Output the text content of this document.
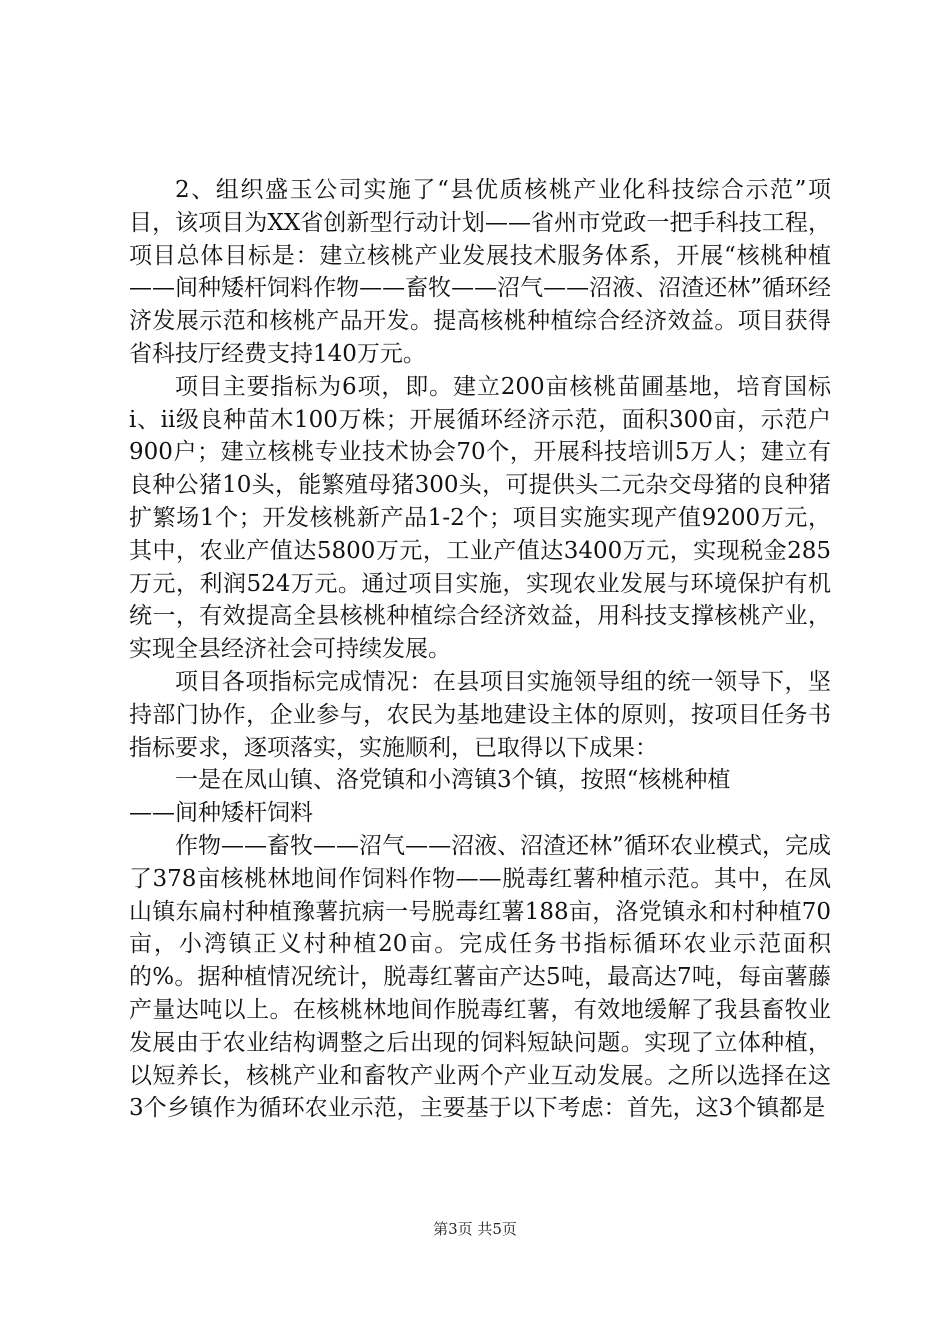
2、组织盛玉公司实施了“县优质核桃产业化科技综合示范”项目，该项目为XX省创新型行动计划——省州市党政一把手科技工程，项目总体目标是：建立核桃产业发展技术服务体系，开展“核桃种植——间种矮杆饲料作物——畜牧——沼气——沼液、沼渣还林”循环经济发展示范和核桃产品开发。提高核桃种植综合经济效益。项目获得省科技厅经费支持140万元。

项目主要指标为6项，即。建立200亩核桃苗圃基地，培育国标ⅰ、ⅱ级良种苗木100万株；开展循环经济示范，面积300亩，示范户900户；建立核桃专业技术协会70个，开展科技培训5万人；建立有良种公猪10头，能繁殖母猪300头，可提供头二元杂交母猪的良种猪扩繁场1个；开发核桃新产品1-2个；项目实施实现产值9200万元，其中，农业产值达5800万元，工业产值达3400万元，实现税金285万元，利润524万元。通过项目实施，实现农业发展与环境保护有机统一，有效提高全县核桃种植综合经济效益，用科技支撑核桃产业，实现全县经济社会可持续发展。

项目各项指标完成情况：在县项目实施领导组的统一领导下，坚持部门协作，企业参与，农民为基地建设主体的原则，按项目任务书指标要求，逐项落实，实施顺利，已取得以下成果：

一是在凤山镇、洛党镇和小湾镇3个镇，按照“核桃种植

——间种矮杆饲料

作物——畜牧——沼气——沼液、沼渣还林”循环农业模式，完成了378亩核桃林地间作饲料作物——脱毒红薯种植示范。其中，在凤山镇东扁村种植豫薯抗病一号脱毒红薯188亩，洛党镇永和村种植70亩，小湾镇正义村种植20亩。完成任务书指标循环农业示范面积的%。据种植情况统计，脱毒红薯亩产达5吨，最高达7吨，每亩薯藤产量达吨以上。在核桃林地间作脱毒红薯，有效地缓解了我县畜牧业发展由于农业结构调整之后出现的饲料短缺问题。实现了立体种植，以短养长，核桃产业和畜牧产业两个产业互动发展。之所以选择在这3个乡镇作为循环农业示范，主要基于以下考虑：首先，这3个镇都是

第3页 共5页
